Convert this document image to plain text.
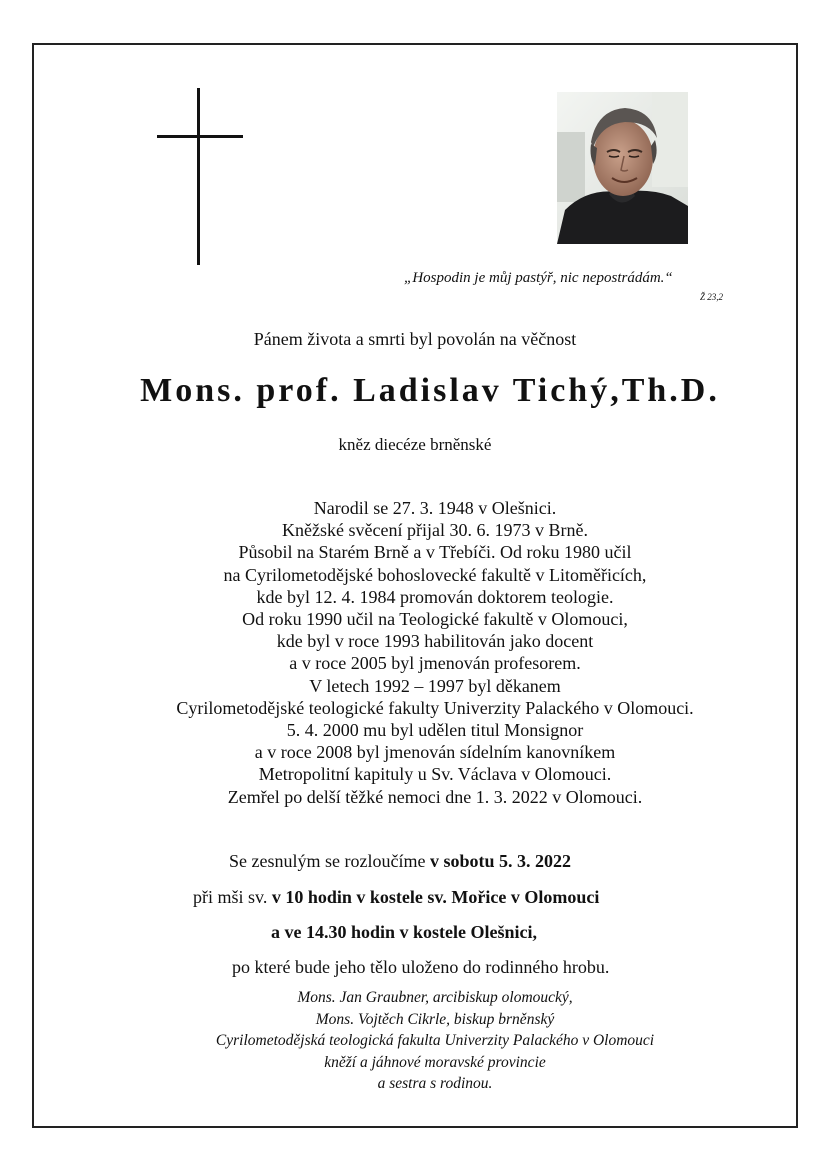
„Hospodin je můj pastýř, nic nepostrádám.“
Ž 23,2
Pánem života a smrti byl povolán na věčnost
Mons. prof. Ladislav Tichý,Th.D.
kněz diecéze brněnské
Narodil se 27. 3. 1948 v Olešnici.
Kněžské svěcení přijal 30. 6. 1973 v Brně.
Působil na Starém Brně a v Třebíči. Od roku 1980 učil
na Cyrilometodějské bohoslovecké fakultě v Litoměřicích,
kde byl 12. 4. 1984 promován doktorem teologie.
Od roku 1990 učil na Teologické fakultě v Olomouci,
kde byl v roce 1993 habilitován jako docent
a v roce 2005 byl jmenován profesorem.
V letech 1992 – 1997 byl děkanem
Cyrilometodějské teologické fakulty Univerzity Palackého v Olomouci.
5. 4. 2000 mu byl udělen titul Monsignor
a v roce 2008 byl jmenován sídelním kanovníkem
Metropolitní kapituly u Sv. Václava v Olomouci.
Zemřel po delší těžké nemoci dne 1. 3. 2022 v Olomouci.
Se zesnulým se rozloučíme v sobotu 5. 3. 2022
při mši sv. v 10 hodin v kostele sv. Mořice v Olomouci
a ve 14.30 hodin v kostele Olešnici,
po které bude jeho tělo uloženo do rodinného hrobu.
Mons. Jan Graubner, arcibiskup olomoucký,
Mons. Vojtěch Cikrle, biskup brněnský
Cyrilometodějská teologická fakulta Univerzity Palackého v Olomouci
kněží a jáhnové moravské provincie
a sestra s rodinou.
